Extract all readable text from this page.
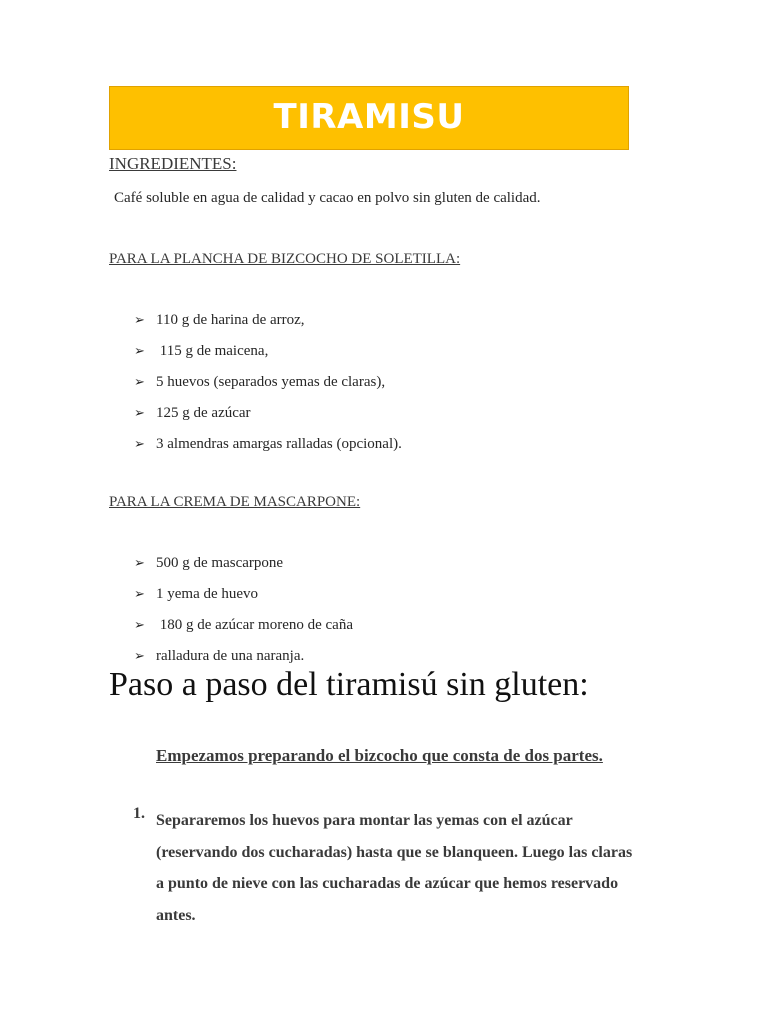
TIRAMISU
INGREDIENTES:
Café soluble en agua de calidad y cacao en polvo sin gluten de calidad.
PARA LA PLANCHA DE BIZCOCHO DE SOLETILLA:
➢ 110 g de harina de arroz,
➢ 115 g de maicena,
➢ 5 huevos (separados yemas de claras),
➢ 125 g de azúcar
➢ 3 almendras amargas ralladas (opcional).
PARA LA CREMA DE MASCARPONE:
➢ 500 g de mascarpone
➢ 1 yema de huevo
➢ 180 g de azúcar moreno de caña
➢ ralladura de una naranja.
Paso a paso del tiramisú sin gluten:
Empezamos preparando el bizcocho que consta de dos partes.
1. Separaremos los huevos para montar las yemas con el azúcar (reservando dos cucharadas) hasta que se blanqueen. Luego las claras a punto de nieve con las cucharadas de azúcar que hemos reservado antes.
